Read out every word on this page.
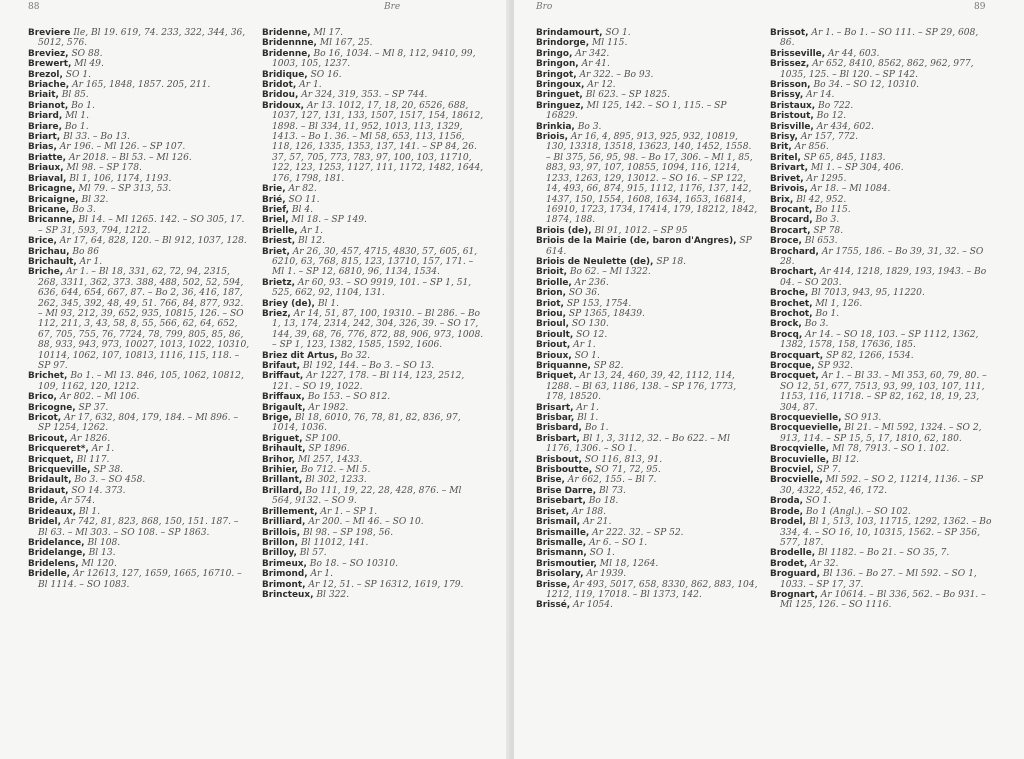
88	Bre
Breviere Ile, Bl 19. 619, 74. 233, 322, 344, 36, 5012, 576.
Breviez, SO 88.
Brewert, Ml 49.
Brezol, SO 1.
Briache, Ar 165, 1848, 1857. 205, 211.
Briait, Bl 85.
Brianot, Bo 1.
Briard, Ml 1.
Briare, Bo 1.
Briart, Bl 33. – Bo 13.
Brias, Ar 196. – Ml 126. – SP 107.
Briatte, Ar 2018. – Bl 53. – Ml 126.
Briaux, Ml 98. – SP 178.
Briaval, Bl 1, 106, 1174, 1193.
Bricagne, Ml 79. – SP 313, 53.
Bricaigne, Bl 32.
Bricane, Bo 3.
Bricanne, Bl 14. – Ml 1265. 142. – SO 305, 17. – SP 31, 593, 794, 1212.
Brice, Ar 17, 64, 828, 120. – Bl 912, 1037, 128.
Brichau, Bo 86
Brichault, Ar 1.
Briche, Ar 1. – Bl 18, 331, 62, 72, 94, 2315, 268, 3311, 362, 373. 388, 488, 502, 52, 594, 636, 644, 654, 667, 87. – Bo 2, 36, 416, 187, 262, 345, 392, 48, 49, 51. 766, 84, 877, 932. – Ml 93, 212, 39, 652, 935, 10815, 126. – SO 112, 211, 3, 43, 58, 8, 55, 566, 62, 64, 652, 67, 705, 755, 76, 7724, 78, 799, 805, 85, 86, 88, 933, 943, 973, 10027, 1013, 1022, 10310, 10114, 1062, 107, 10813, 1116, 115, 118. – SP 97.
Brichet, Bo 1. – Ml 13. 846, 105, 1062, 10812, 109, 1162, 120, 1212.
Brico, Ar 802. – Ml 106.
Bricogne, SP 37.
Bricot, Ar 17, 632, 804, 179, 184. – Ml 896. – SP 1254, 1262.
Bricout, Ar 1826.
Bricqueret*, Ar 1.
Bricquet, Bl 117.
Bricqueville, SP 38.
Bridault, Bo 3. – SO 458.
Bridaut, SO 14. 373.
Bride, Ar 574.
Brideaux, Bl 1.
Bridel, Ar 742, 81, 823, 868, 150, 151. 187. – Bl 63. – Ml 303. – SO 108. – SP 1863.
Bridelance, Bl 108.
Bridelange, Bl 13.
Bridelens, Ml 120.
Bridelle, Ar 12613, 127, 1659, 1665, 16710. – Bl 1114. – SO 1083.
Bridenne, Ml 17.
Bridennne, Ml 167, 25.
Bridenne, Bo 16, 1034. – Ml 8, 112, 9410, 99, 1003, 105, 1237.
Bridique, SO 16.
Bridot, Ar 1.
Bridou, Ar 324, 319, 353. – SP 744.
Bridoux, Ar 13. 1012, 17, 18, 20, 6526, 688, 1037, 127, 131, 133, 1507, 1517, 154, 18612, 1898. – Bl 334, 11, 952, 1013, 113, 1329, 1413. – Bo 1. 36. – Ml 58, 653, 113, 1156, 118, 126, 1335, 1353, 137, 141. – SP 84, 26. 37, 57, 705, 773, 783, 97, 100, 103, 11710, 122, 123, 1253, 1127, 111, 1172, 1482, 1644, 176, 1798, 181.
Brie, Ar 82.
Brié, SO 11.
Brief, Bl 4.
Briel, Ml 18. – SP 149.
Brielle, Ar 1.
Briest, Bl 12.
Briet, Ar 26, 30, 457, 4715, 4830, 57, 605, 61, 6210, 63, 768, 815, 123, 13710, 157, 171. – Ml 1. – SP 12, 6810, 96, 1134, 1534.
Brietz, Ar 60, 93. – SO 9919, 101. – SP 1, 51, 525, 662, 92, 1104, 131.
Briey (de), Bl 1.
Briez, Ar 14, 51, 87, 100, 19310. – Bl 286. – Bo 1, 13, 174, 2314, 242, 304, 326, 39. – SO 17, 144, 39, 68, 76, 776, 872, 88, 906, 973, 1008. – SP 1, 123, 1382, 1585, 1592, 1606.
Briez dit Artus, Bo 32.
Brifaut, Bl 192, 144. – Bo 3. – SO 13.
Briffaut, Ar 1227, 178. – Bl 114, 123, 2512, 121. – SO 19, 1022.
Briffaux, Bo 153. – SO 812.
Brigault, Ar 1982.
Brige, Bl 18, 6010, 76, 78, 81, 82, 836, 97, 1014, 1036.
Briguet, SP 100.
Brihault, SP 1896.
Brihor, Ml 257, 1433.
Brihier, Bo 712. – Ml 5.
Brillant, Bl 302, 1233.
Brillard, Bo 111, 19, 22, 28, 428, 876. – Ml 564, 9132. – SO 9.
Brillement, Ar 1. – SP 1.
Brilliard, Ar 200. – Ml 46. – SO 10.
Brillois, Bl 98. – SP 198, 56.
Brillon, Bl 11012, 141.
Brilloy, Bl 57.
Brimeux, Bo 18. – SO 10310.
Brimond, Ar 1.
Brimont, Ar 12, 51. – SP 16312, 1619, 179.
Brincteux, Bl 322.
Bro	89
Brindamourt, SO 1.
Brindorge, Ml 115.
Bringo, Ar 342.
Bringon, Ar 41.
Bringot, Ar 322. – Bo 93.
Bringoux, Ar 12.
Bringuet, Bl 623. – SP 1825.
Bringuez, Ml 125, 142. – SO 1, 115. – SP 16829.
Brinkia, Bo 3.
Briois, Ar 16, 4, 895, 913, 925, 932, 10819, 130, 13318, 13518, 13623, 140, 1452, 1558. – Bl 375, 56, 95, 98. – Bo 17, 306. – Ml 1, 85, 883, 93, 97, 107, 10855, 1094, 116, 1214, 1233, 1263, 129, 13012. – SO 16. – SP 122, 14, 493, 66, 874, 915, 1112, 1176, 137, 142, 1437, 150, 1554, 1608, 1634, 1653, 16814, 16910, 1723, 1734, 17414, 179, 18212, 1842, 1874, 188.
Briois (de), Bl 91, 1012. – SP 95
Briois de la Mairie (de, baron d'Angres), SP 614.
Briois de Neulette (de), SP 18.
Brioit, Bo 62. – Ml 1322.
Briolle, Ar 236.
Brion, SO 36.
Briot, SP 153, 1754.
Briou, SP 1365, 18439.
Brioul, SO 130.
Brioult, SO 12.
Briout, Ar 1.
Brioux, SO 1.
Briquanne, SP 82.
Briquet, Ar 13, 24, 460, 39, 42, 1112, 114, 1288. – Bl 63, 1186, 138. – SP 176, 1773, 178, 18520.
Brisart, Ar 1.
Brisbar, Bl 1.
Brisbard, Bo 1.
Brisbart, Bl 1, 3, 3112, 32. – Bo 622. – Ml 1176, 1306. – SO 1.
Brisbout, SO 116, 813, 91.
Brisboutte, SO 71, 72, 95.
Brise, Ar 662, 155. – Bl 7.
Brise Darre, Bl 73.
Brisebart, Bo 18.
Briset, Ar 188.
Brismail, Ar 21.
Brismaille, Ar 222. 32. – SP 52.
Brismalle, Ar 6. – SO 1.
Brismann, SO 1.
Brismoutier, Ml 18, 1264.
Brisolary, Ar 1939.
Brisse, Ar 493, 5017, 658, 8330, 862, 883, 104, 1212, 119, 17018. – Bl 1373, 142.
Brissé, Ar 1054.
Brissot, Ar 1. – Bo 1. – SO 111. – SP 29, 608, 86.
Brisseville, Ar 44, 603.
Brissez, Ar 652, 8410, 8562, 862, 962, 977, 1035, 125. – Bl 120. – SP 142.
Brisson, Bo 34. – SO 12, 10310.
Brissy, Ar 14.
Bristaux, Bo 722.
Bristout, Bo 12.
Brisville, Ar 434, 602.
Brisy, Ar 157, 772.
Brit, Ar 856.
Britel, SP 65, 845, 1183.
Brivart, Ml 1. – SP 304, 406.
Brivet, Ar 1295.
Brivois, Ar 18. – Ml 1084.
Brix, Bl 42, 952.
Brocant, Bo 115.
Brocard, Bo 3.
Brocart, SP 78.
Broce, Bl 653.
Brochard, Ar 1755, 186. – Bo 39, 31, 32. – SO 28.
Brochart, Ar 414, 1218, 1829, 193, 1943. – Bo 04. – SO 203.
Broche, Bl 7013, 943, 95, 11220.
Brochet, Ml 1, 126.
Brochot, Bo 1.
Brock, Bo 3.
Brocq, Ar 14. – SO 18, 103. – SP 1112, 1362, 1382, 1578, 158, 17636, 185.
Brocquart, SP 82, 1266, 1534.
Brocque, SP 932.
Brocquet, Ar 1. – Bl 33. – Ml 353, 60, 79, 80. – SO 12, 51, 677, 7513, 93, 99, 103, 107, 111, 1153, 116, 11718. – SP 82, 162, 18, 19, 23, 304, 87.
Brocquevielle, SO 913.
Brocquevielle, Bl 21. – Ml 592, 1324. – SO 2, 913, 114. – SP 15, 5, 17, 1810, 62, 180.
Brocqvielle, Ml 78, 7913. – SO 1. 102.
Brocuvielle, Bl 12.
Brocviel, SP 7.
Brocvielle, Ml 592. – SO 2, 11214, 1136. – SP 30, 4322, 452, 46, 172.
Broda, SO 1.
Brode, Bo 1 (Angl.). – SO 102.
Brodel, Bl 1, 513, 103, 11715, 1292, 1362. – Bo 334, 4. – SO 16, 10, 10315, 1562. – SP 356, 577, 187.
Brodelle, Bl 1182. – Bo 21. – SO 35, 7.
Brodet, Ar 32.
Broguard, Bl 136. – Bo 27. – Ml 592. – SO 1, 1033. – SP 17, 37.
Brognart, Ar 10614. – Bl 336, 562. – Bo 931. – Ml 125, 126. – SO 1116.
